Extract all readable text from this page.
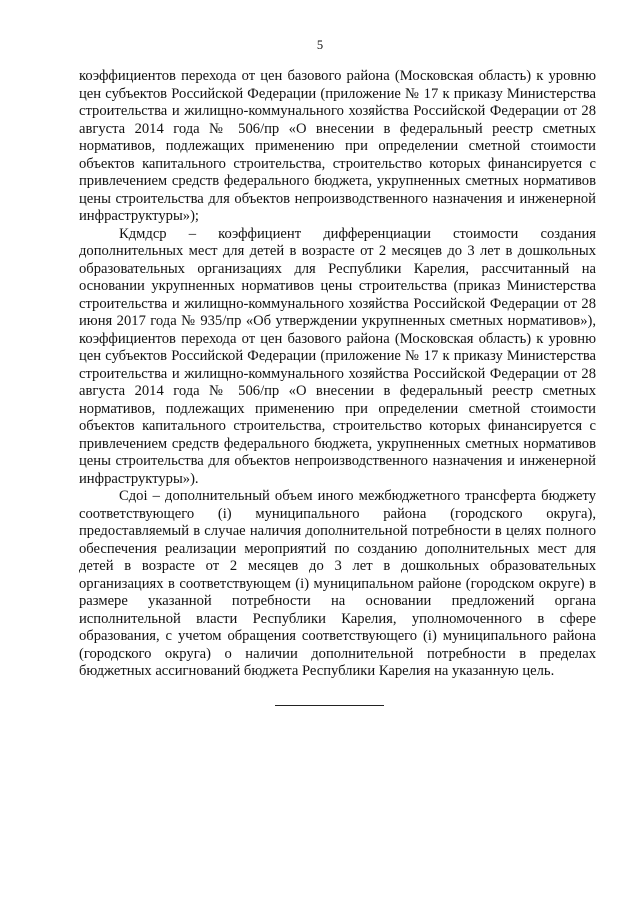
5

коэффициентов перехода от цен базового района (Московская область) к уровню цен субъектов Российской Федерации (приложение № 17 к приказу Министерства строительства и жилищно-коммунального хозяйства Российской Федерации от 28 августа 2014 года № 506/пр «О внесении в федеральный реестр сметных нормативов, подлежащих применению при определении сметной стоимости объектов капитального строительства, строительство которых финансируется с привлечением средств федерального бюджета, укрупненных сметных нормативов цены строительства для объектов непроизводственного назначения и инженерной инфраструктуры»);

Кдмдср – коэффициент дифференциации стоимости создания дополнительных мест для детей в возрасте от 2 месяцев до 3 лет в дошкольных образовательных организациях для Республики Карелия, рассчитанный на основании укрупненных нормативов цены строительства (приказ Министерства строительства и жилищно-коммунального хозяйства Российской Федерации от 28 июня 2017 года № 935/пр «Об утверждении укрупненных сметных нормативов»), коэффициентов перехода от цен базового района (Московская область) к уровню цен субъектов Российской Федерации (приложение № 17 к приказу Министерства строительства и жилищно-коммунального хозяйства Российской Федерации от 28 августа 2014 года № 506/пр «О внесении в федеральный реестр сметных нормативов, подлежащих применению при определении сметной стоимости объектов капитального строительства, строительство которых финансируется с привлечением средств федерального бюджета, укрупненных сметных нормативов цены строительства для объектов непроизводственного назначения и инженерной инфраструктуры»).

Сдоi – дополнительный объем иного межбюджетного трансферта бюджету соответствующего (i) муниципального района (городского округа), предоставляемый в случае наличия дополнительной потребности в целях полного обеспечения реализации мероприятий по созданию дополнительных мест для детей в возрасте от 2 месяцев до 3 лет в дошкольных образовательных организациях в соответствующем (i) муниципальном районе (городском округе) в размере указанной потребности на основании предложений органа исполнительной власти Республики Карелия, уполномоченного в сфере образования, с учетом обращения соответствующего (i) муниципального района (городского округа) о наличии дополнительной потребности в пределах бюджетных ассигнований бюджета Республики Карелия на указанную цель.
